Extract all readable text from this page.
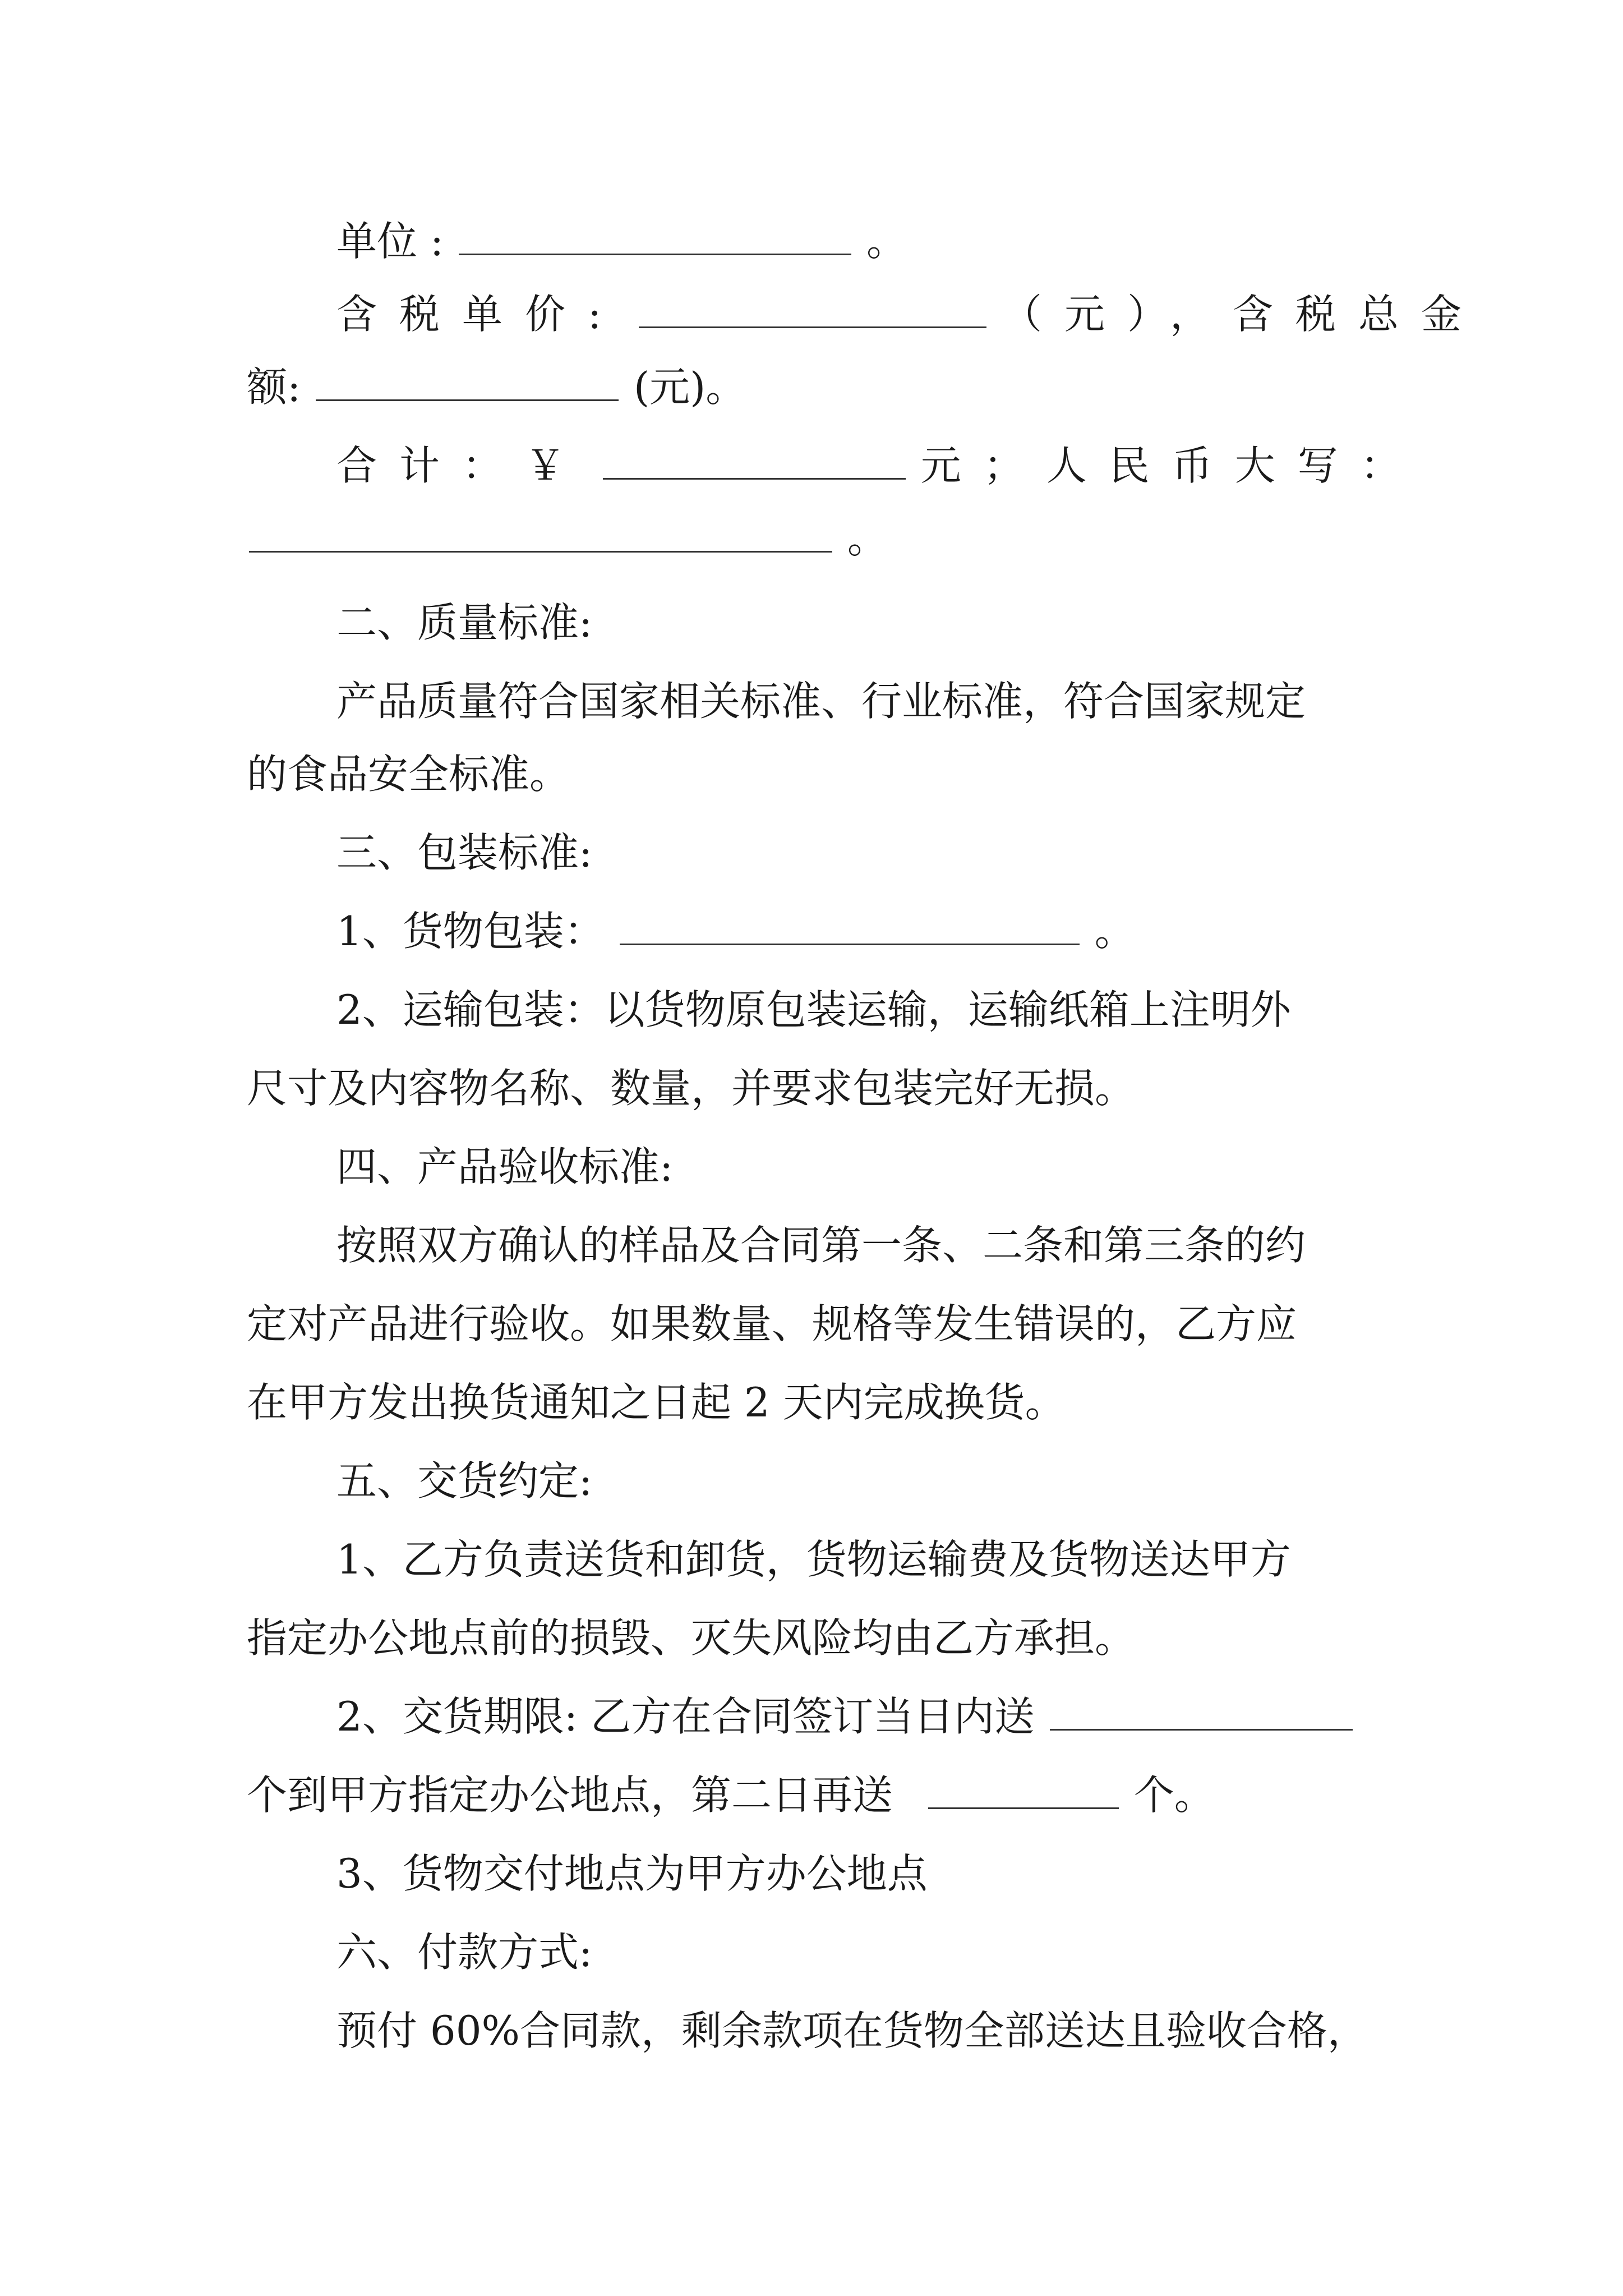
单位 :	。
含税单价:	（元），含税总金
额:	(元)。
合计：￥	元；人民币大写：
。
二、质量标准:
产品质量符合国家相关标准、行业标准，符合国家规定
的食品安全标准。
三、包装标准:
1、货物包装：	。
2、运输包装：以货物原包装运输，运输纸箱上注明外
尺寸及内容物名称、数量，并要求包装完好无损。
四、产品验收标准:
按照双方确认的样品及合同第一条、二条和第三条的约
定对产品进行验收。如果数量、规格等发生错误的，乙方应
在甲方发出换货通知之日起 2 天内完成换货。
五、交货约定:
1、乙方负责送货和卸货，货物运输费及货物送达甲方
指定办公地点前的损毁、灭失风险均由乙方承担。
2、交货期限: 乙方在合同签订当日内送
个到甲方指定办公地点，第二日再送	个。
3、货物交付地点为甲方办公地点
六、付款方式:
预付 60%合同款，剩余款项在货物全部送达且验收合格，
